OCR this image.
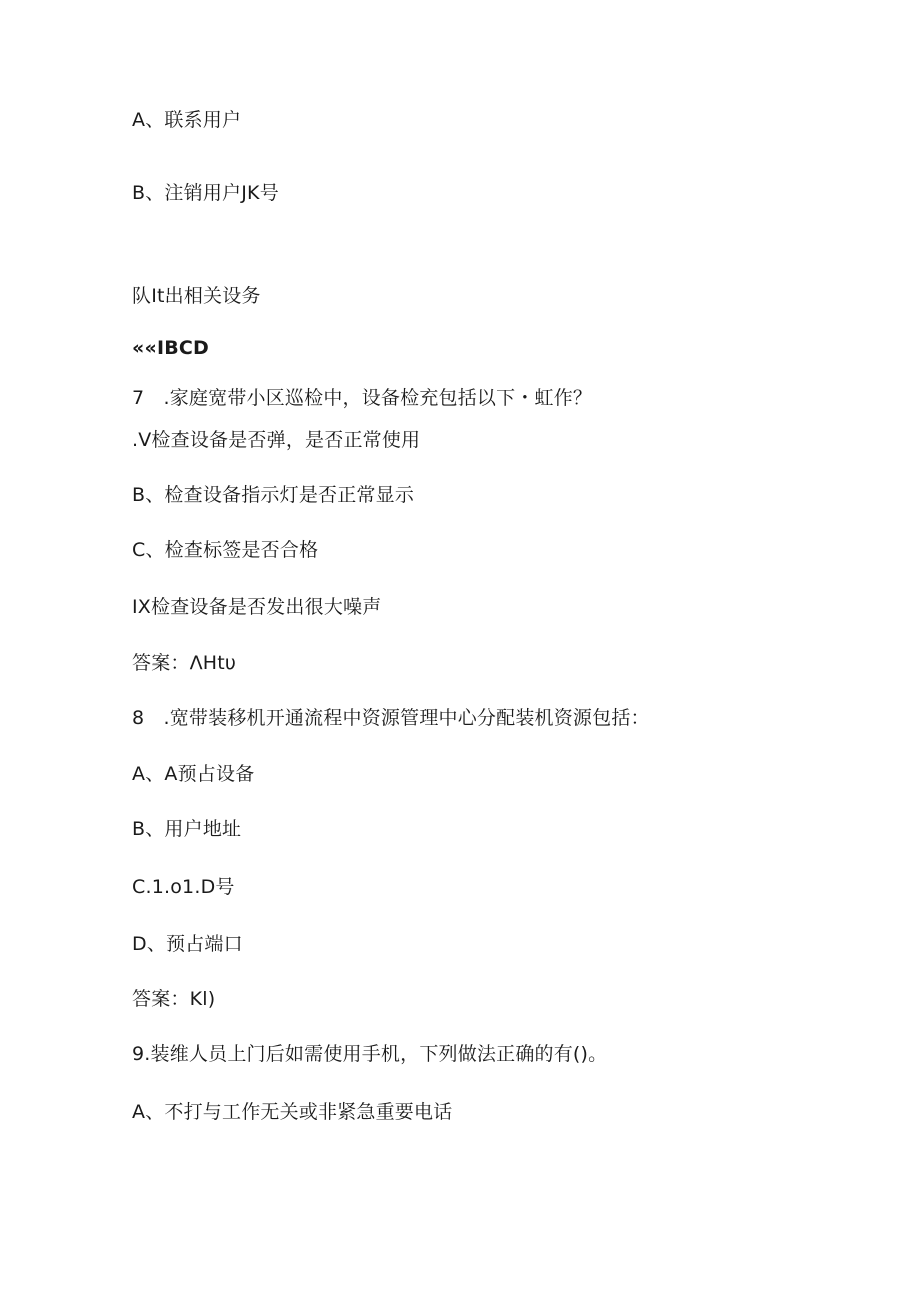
A、联系用户
B、注销用户JK号
队It出相关设务
««IBCD
7　.家庭宽带小区巡检中，设备检充包括以下・虹作？
.V检查设备是否弹，是否正常使用
B、检查设备指示灯是否正常显示
C、检查标签是否合格
IX检查设备是否发出很大噪声
答案：ΛHtυ
8　.宽带装移机开通流程中资源管理中心分配装机资源包括：
A、A预占设备
B、用户地址
C.1.o1.D号
D、预占端口
答案：Kl)
9.装维人员上门后如需使用手机，下列做法正确的有()。
A、不打与工作无关或非紧急重要电话
